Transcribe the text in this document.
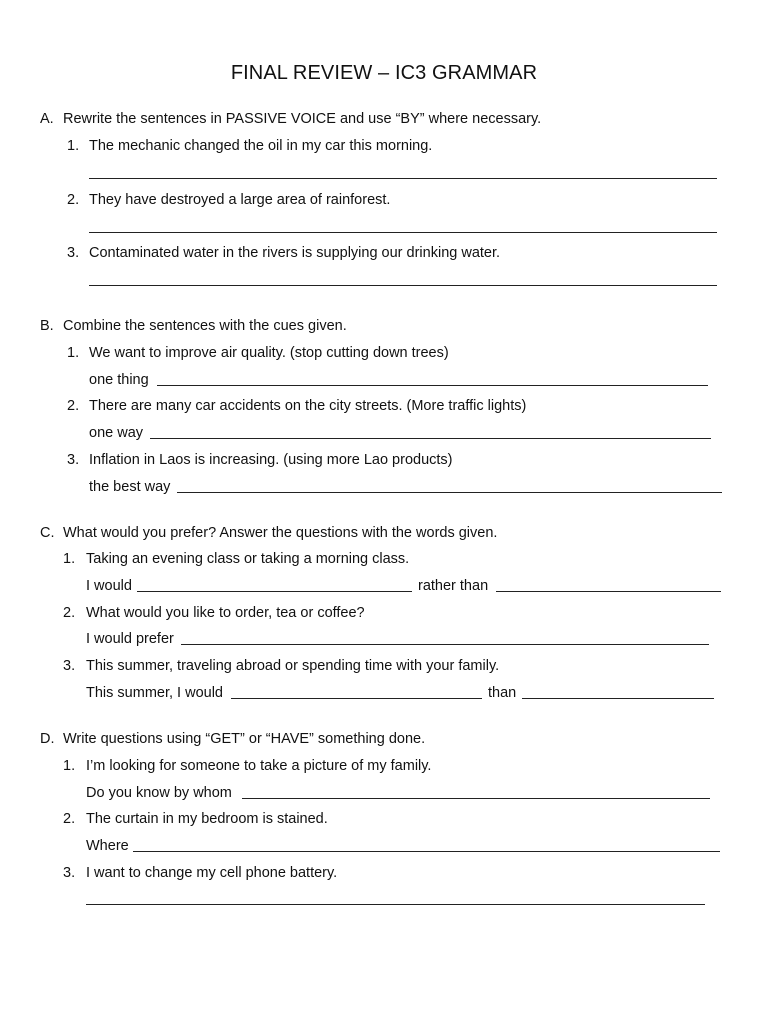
FINAL REVIEW – IC3 GRAMMAR
A. Rewrite the sentences in PASSIVE VOICE and use “BY” where necessary.
1. The mechanic changed the oil in my car this morning.
2. They have destroyed a large area of rainforest.
3. Contaminated water in the rivers is supplying our drinking water.
B. Combine the sentences with the cues given.
1. We want to improve air quality. (stop cutting down trees)
one thing
2. There are many car accidents on the city streets. (More traffic lights)
one way
3. Inflation in Laos is increasing. (using more Lao products)
the best way
C. What would you prefer? Answer the questions with the words given.
1. Taking an evening class or taking a morning class.
I would	rather than
2. What would you like to order, tea or coffee?
I would prefer
3. This summer, traveling abroad or spending time with your family.
This summer, I would	than
D. Write questions using “GET” or “HAVE” something done.
1. I’m looking for someone to take a picture of my family.
Do you know by whom
2. The curtain in my bedroom is stained.
Where
3. I want to change my cell phone battery.
